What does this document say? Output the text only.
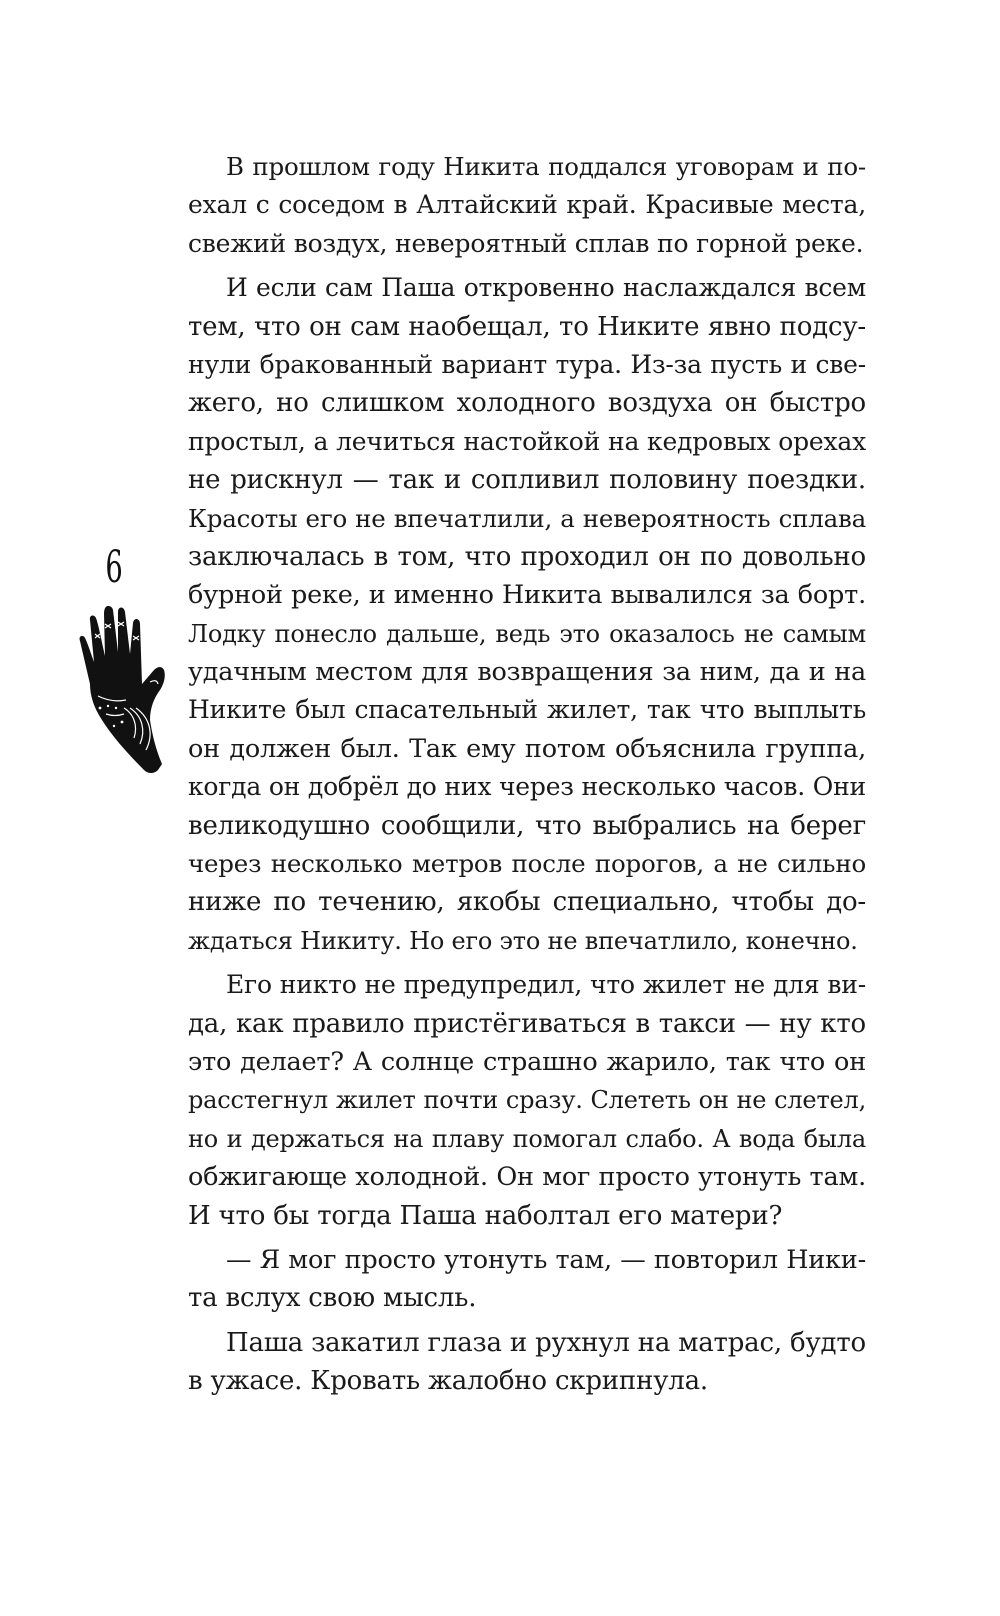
6
В прошлом году Никита поддался уговорам и по-
ехал с соседом в Алтайский край. Красивые места,
свежий воздух, невероятный сплав по горной реке.
И если сам Паша откровенно наслаждался всем
тем, что он сам наобещал, то Никите явно подсу-
нули бракованный вариант тура. Из-за пусть и све-
жего, но слишком холодного воздуха он быстро
простыл, а лечиться настойкой на кедровых орехах
не рискнул — так и сопливил половину поездки.
Красоты его не впечатлили, а невероятность сплава
заключалась в том, что проходил он по довольно
бурной реке, и именно Никита вывалился за борт.
Лодку понесло дальше, ведь это оказалось не самым
удачным местом для возвращения за ним, да и на
Никите был спасательный жилет, так что выплыть
он должен был. Так ему потом объяснила группа,
когда он добрёл до них через несколько часов. Они
великодушно сообщили, что выбрались на берег
через несколько метров после порогов, а не сильно
ниже по течению, якобы специально, чтобы до-
ждаться Никиту. Но его это не впечатлило, конечно.
Его никто не предупредил, что жилет не для ви-
да, как правило пристёгиваться в такси — ну кто
это делает? А солнце страшно жарило, так что он
расстегнул жилет почти сразу. Слететь он не слетел,
но и держаться на плаву помогал слабо. А вода была
обжигающе холодной. Он мог просто утонуть там.
И что бы тогда Паша наболтал его матери?
— Я мог просто утонуть там, — повторил Ники-
та вслух свою мысль.
Паша закатил глаза и рухнул на матрас, будто
в ужасе. Кровать жалобно скрипнула.
